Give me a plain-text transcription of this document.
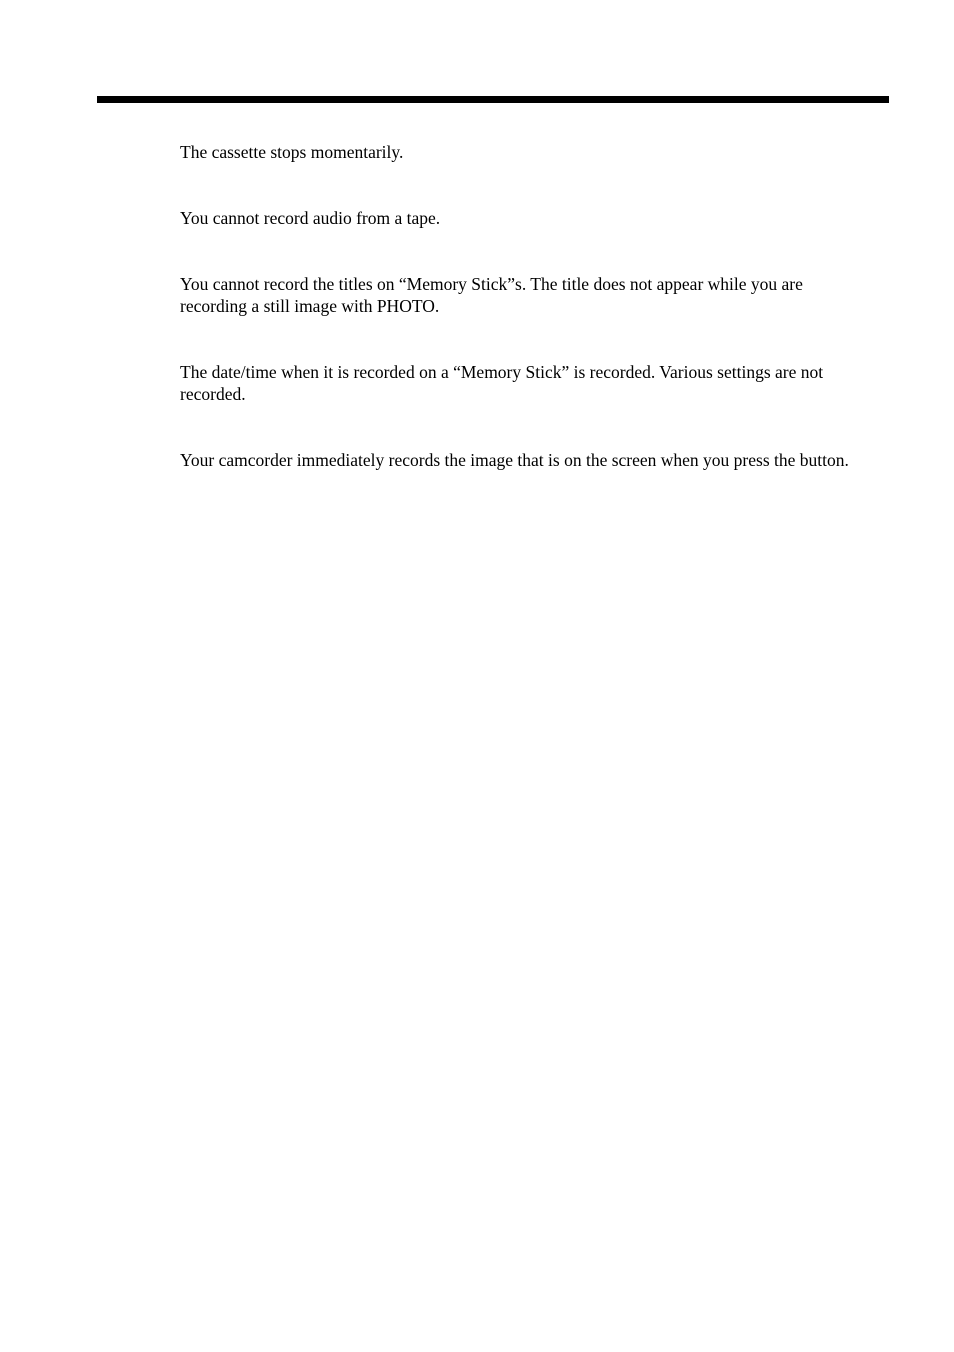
The cassette stops momentarily.

You cannot record audio from a tape.

You cannot record the titles on “Memory Stick”s. The title does not appear while you are recording a still image with PHOTO.

The date/time when it is recorded on a “Memory Stick” is recorded. Various settings are not recorded.

Your camcorder immediately records the image that is on the screen when you press the button.
